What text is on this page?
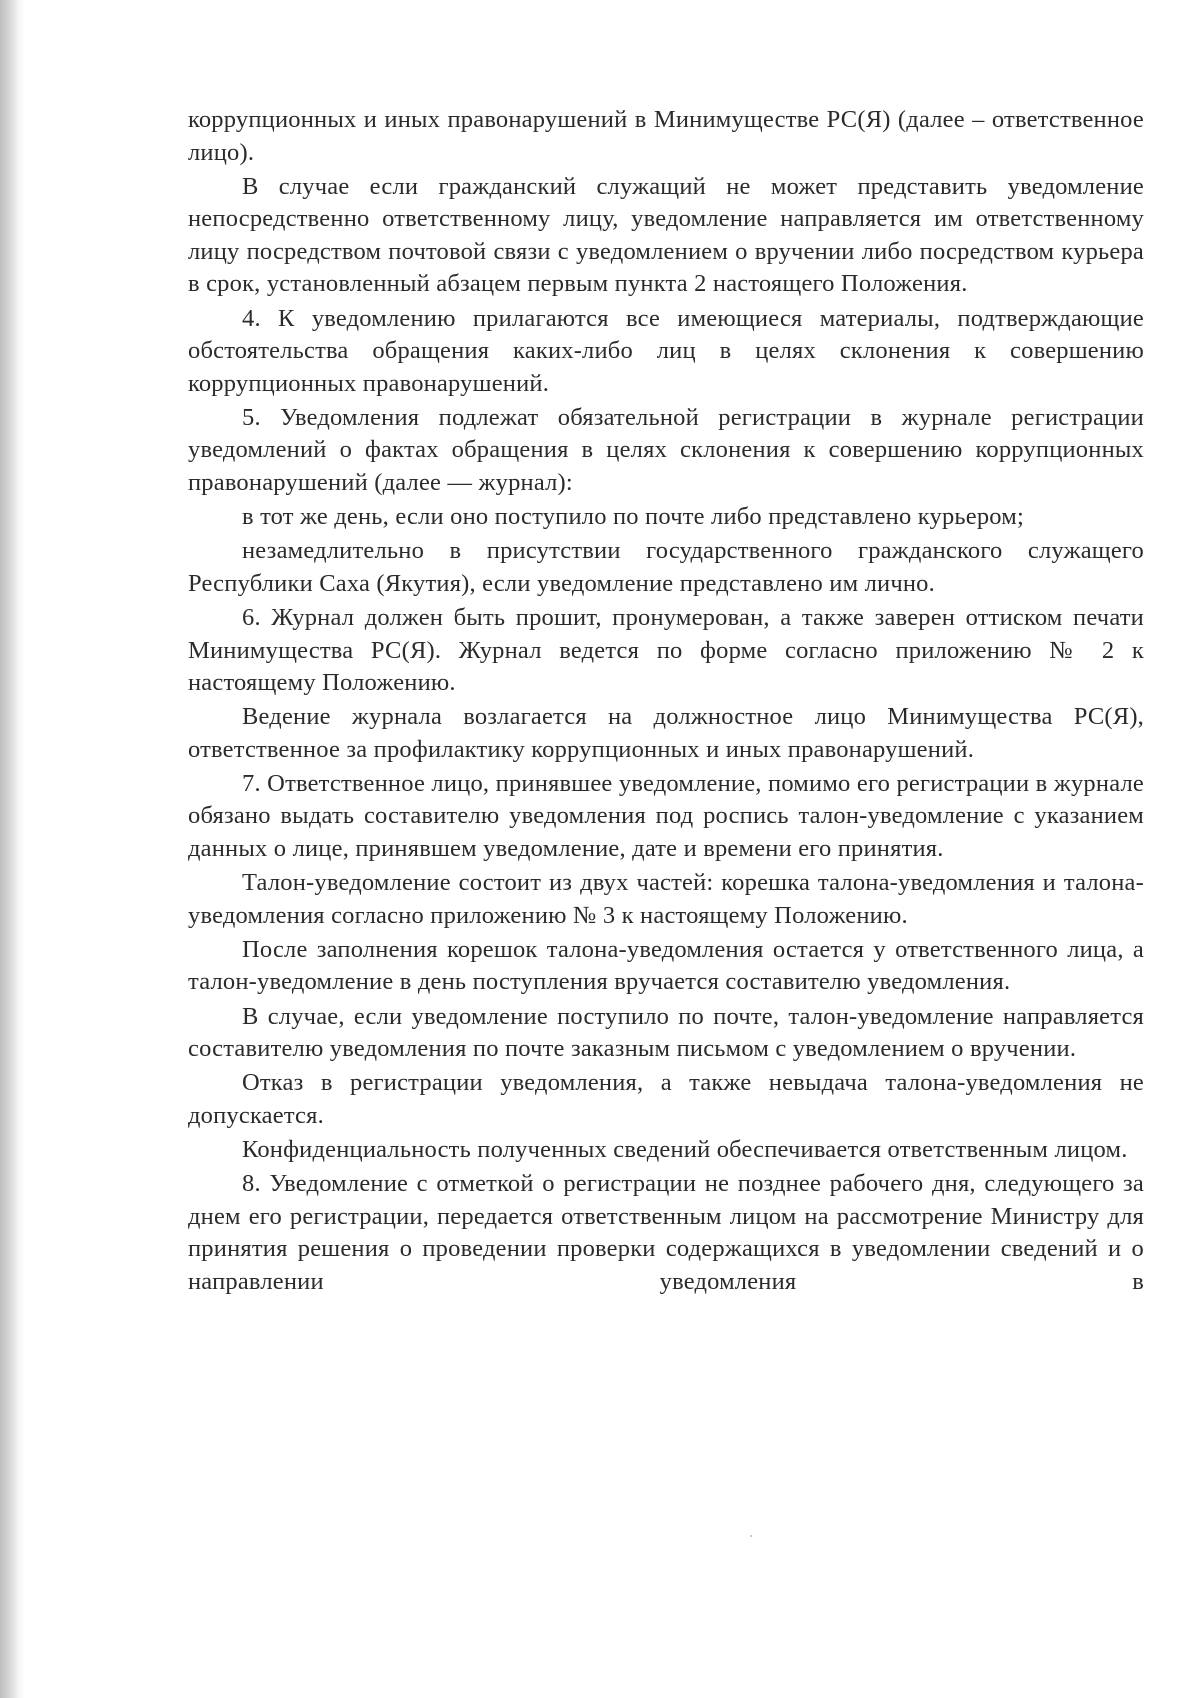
коррупционных и иных правонарушений в Минимуществе РС(Я) (далее – ответственное лицо).

В случае если гражданский служащий не может представить уведомление непосредственно ответственному лицу, уведомление направляется им ответственному лицу посредством почтовой связи с уведомлением о вручении либо посредством курьера в срок, установленный абзацем первым пункта 2 настоящего Положения.

4. К уведомлению прилагаются все имеющиеся материалы, подтверждающие обстоятельства обращения каких-либо лиц в целях склонения к совершению коррупционных правонарушений.

5. Уведомления подлежат обязательной регистрации в журнале регистрации уведомлений о фактах обращения в целях склонения к совершению коррупционных правонарушений (далее — журнал):

в тот же день, если оно поступило по почте либо представлено курьером;

незамедлительно в присутствии государственного гражданского служащего Республики Саха (Якутия), если уведомление представлено им лично.

6. Журнал должен быть прошит, пронумерован, а также заверен оттиском печати Минимущества РС(Я). Журнал ведется по форме согласно приложению № 2 к настоящему Положению.

Ведение журнала возлагается на должностное лицо Минимущества РС(Я), ответственное за профилактику коррупционных и иных правонарушений.

7. Ответственное лицо, принявшее уведомление, помимо его регистрации в журнале обязано выдать составителю уведомления под роспись талон-уведомление с указанием данных о лице, принявшем уведомление, дате и времени его принятия.

Талон-уведомление состоит из двух частей: корешка талона-уведомления и талона-уведомления согласно приложению № 3 к настоящему Положению.

После заполнения корешок талона-уведомления остается у ответственного лица, а талон-уведомление в день поступления вручается составителю уведомления.

В случае, если уведомление поступило по почте, талон-уведомление направляется составителю уведомления по почте заказным письмом с уведомлением о вручении.

Отказ в регистрации уведомления, а также невыдача талона-уведомления не допускается.

Конфиденциальность полученных сведений обеспечивается ответственным лицом.

8. Уведомление с отметкой о регистрации не позднее рабочего дня, следующего за днем его регистрации, передается ответственным лицом на рассмотрение Министру для принятия решения о проведении проверки содержащихся в уведомлении сведений и о направлении уведомления в
